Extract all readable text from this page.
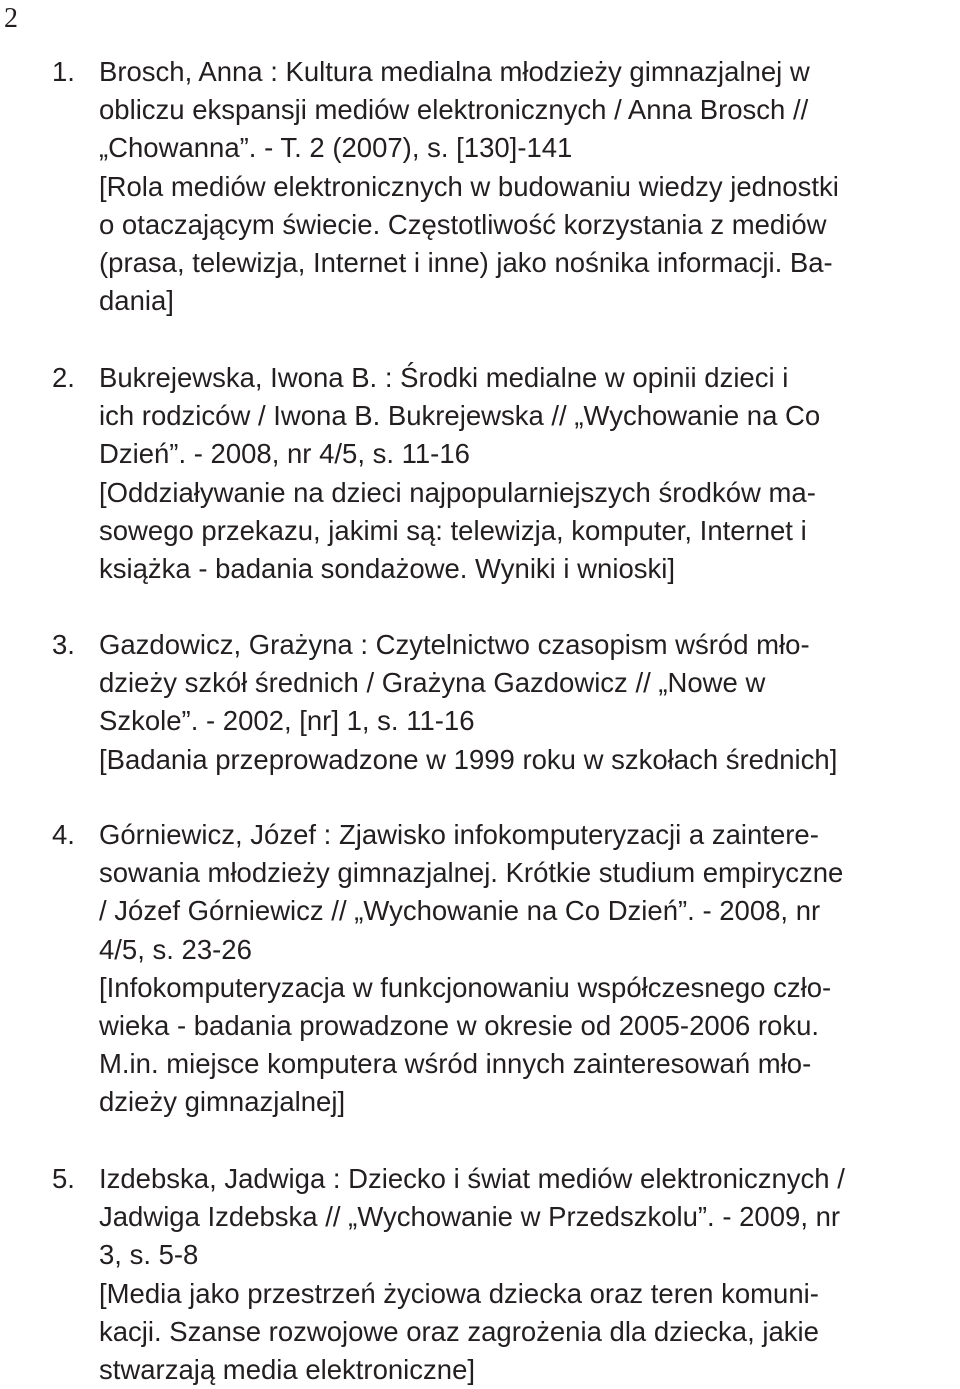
2
1. Brosch, Anna : Kultura medialna młodzieży gimnazjalnej w
obliczu ekspansji mediów elektronicznych / Anna Brosch //
„Chowanna”. - T. 2 (2007), s. [130]-141
[Rola mediów elektronicznych w budowaniu wiedzy jednostki
o otaczającym świecie. Częstotliwość korzystania z mediów
(prasa, telewizja, Internet i inne) jako nośnika informacji. Ba-
dania]
2. Bukrejewska, Iwona B. : Środki medialne w opinii dzieci i
ich rodziców / Iwona B. Bukrejewska // „Wychowanie na Co
Dzień”. - 2008, nr 4/5, s. 11-16
[Oddziaływanie na dzieci najpopularniejszych środków ma-
sowego przekazu, jakimi są: telewizja, komputer, Internet i
książka - badania sondażowe. Wyniki i wnioski]
3. Gazdowicz, Grażyna : Czytelnictwo czasopism wśród mło-
dzieży szkół średnich / Grażyna Gazdowicz // „Nowe w
Szkole”. - 2002, [nr] 1, s. 11-16
[Badania przeprowadzone w 1999 roku w szkołach średnich]
4. Górniewicz, Józef : Zjawisko infokomputeryzacji a zaintere-
sowania młodzieży gimnazjalnej. Krótkie studium empiryczne
/ Józef Górniewicz // „Wychowanie na Co Dzień”. - 2008, nr
4/5, s. 23-26
[Infokomputeryzacja w funkcjonowaniu współczesnego czło-
wieka - badania prowadzone w okresie od 2005-2006 roku.
M.in. miejsce komputera wśród innych zainteresowań mło-
dzieży gimnazjalnej]
5. Izdebska, Jadwiga : Dziecko i świat mediów elektronicznych /
Jadwiga Izdebska // „Wychowanie w Przedszkolu”. - 2009, nr
3, s. 5-8
[Media jako przestrzeń życiowa dziecka oraz teren komuni-
kacji. Szanse rozwojowe oraz zagrożenia dla dziecka, jakie
stwarzają media elektroniczne]
